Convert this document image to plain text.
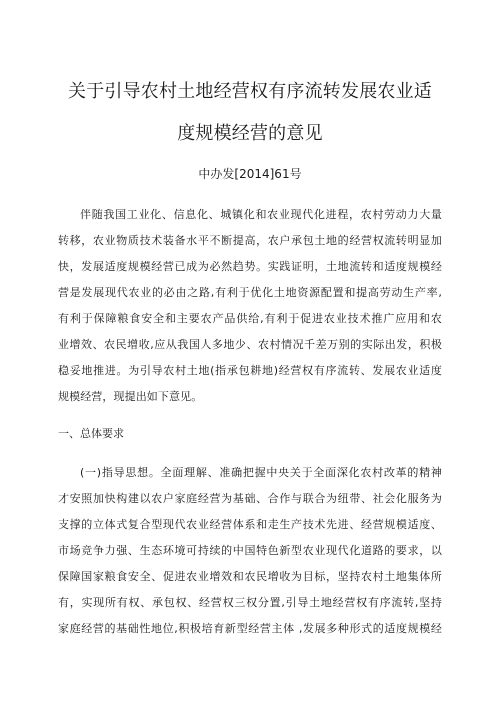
关于引导农村土地经营权有序流转发展农业适
度规模经营的意见
中办发[2014]61号
伴随我国工业化、信息化、城镇化和农业现代化进程，农村劳动力大量
转移，农业物质技术装备水平不断提高，农户承包土地的经营权流转明显加
快，发展适度规模经营已成为必然趋势。实践证明，土地流转和适度规模经
营是发展现代农业的必由之路,有利于优化土地资源配置和提高劳动生产率,
有利于保障粮食安全和主要农产品供给,有利于促进农业技术推广应用和农
业增效、农民增收,应从我国人多地少、农村情况千差万别的实际出发，积极
稳妥地推进。为引导农村土地(指承包耕地)经营权有序流转、发展农业适度
规模经营，现提出如下意见。
一、总体要求
(一)指导思想。全面理解、准确把握中央关于全面深化农村改革的精神
才安照加快构建以农户家庭经营为基础、合作与联合为纽带、社会化服务为
支撑的立体式复合型现代农业经营体系和走生产技术先进、经营规模适度、
市场竞争力强、生态环境可持续的中国特色新型农业现代化道路的要求，以
保障国家粮食安全、促进农业增效和农民增收为目标，坚持农村土地集体所
有，实现所有权、承包权、经营权三权分置,引导土地经营权有序流转,坚持
家庭经营的基础性地位,积极培育新型经营主体 ,发展多种形式的适度规模经
